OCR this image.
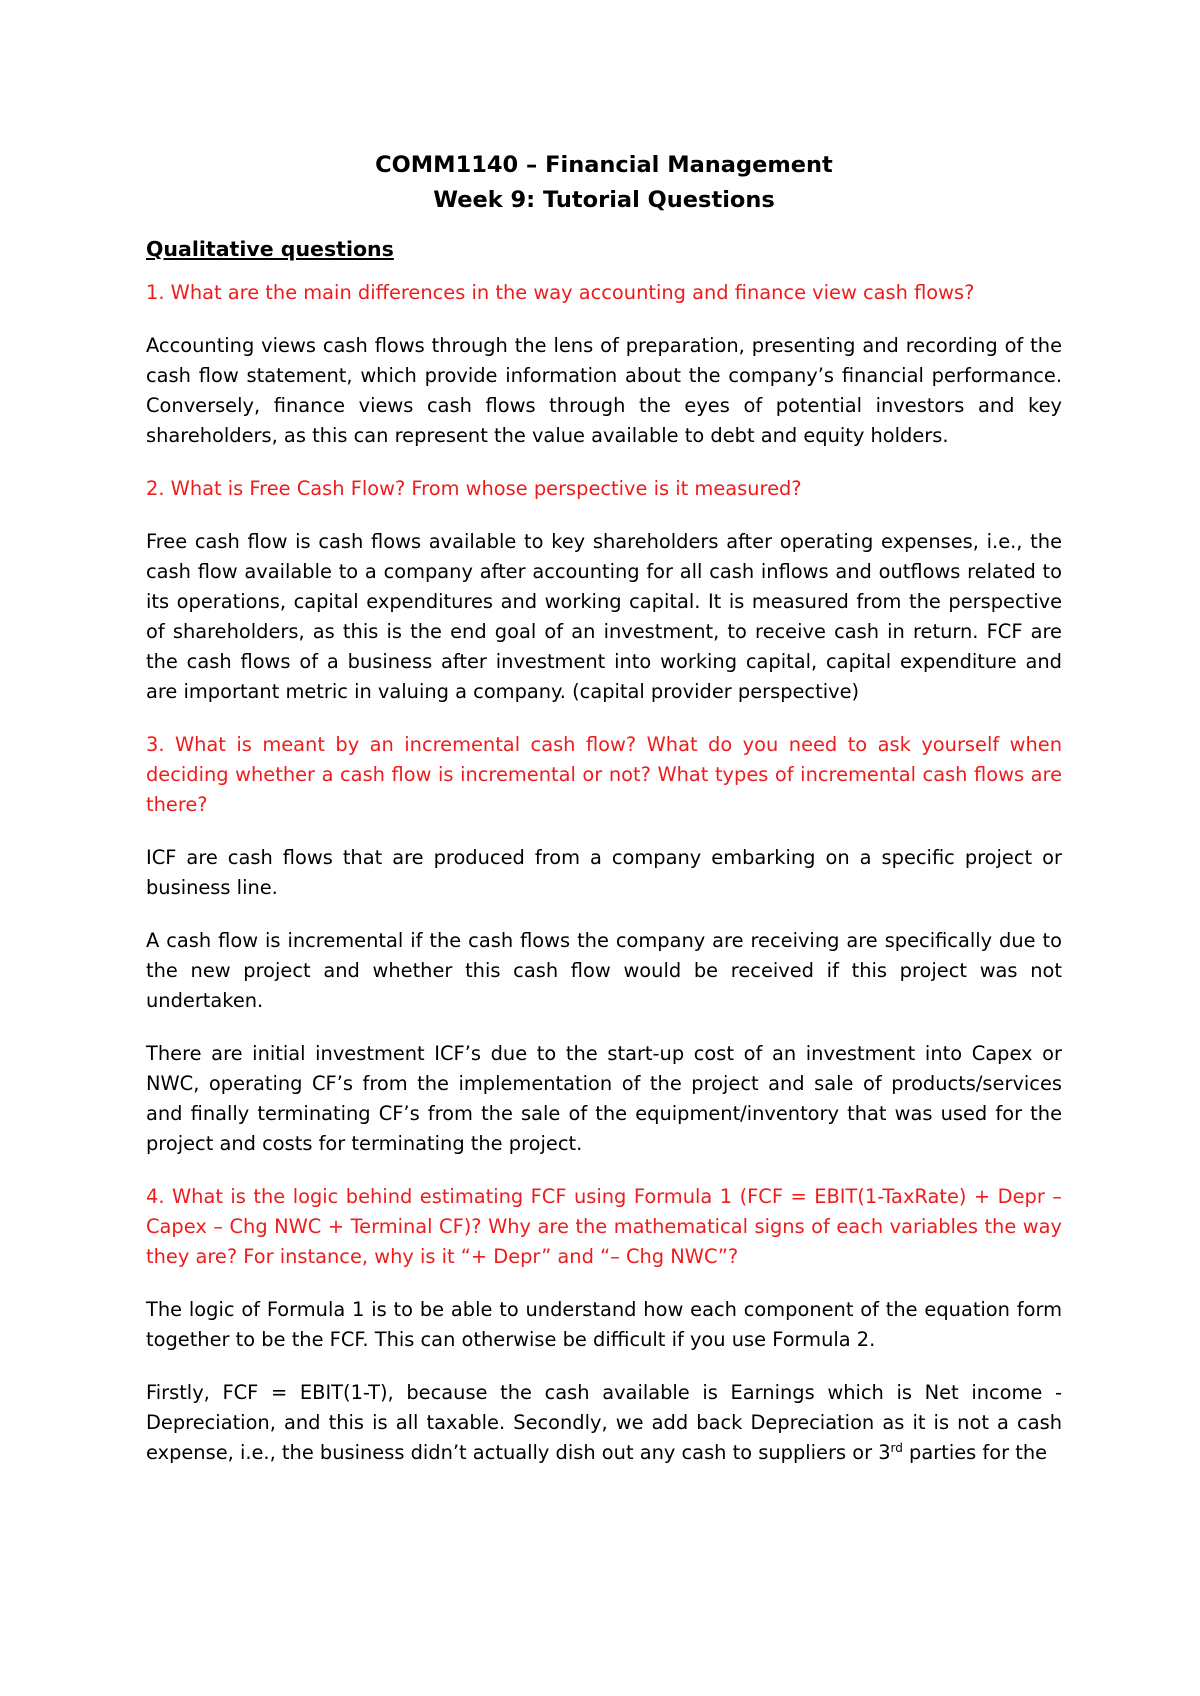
COMM1140 – Financial Management
Week 9: Tutorial Questions
Qualitative questions

1. What are the main differences in the way accounting and finance view cash flows?

Accounting views cash flows through the lens of preparation, presenting and recording of the cash flow statement, which provide information about the company’s financial performance. Conversely, finance views cash flows through the eyes of potential investors and key shareholders, as this can represent the value available to debt and equity holders.

2. What is Free Cash Flow? From whose perspective is it measured?

Free cash flow is cash flows available to key shareholders after operating expenses, i.e., the cash flow available to a company after accounting for all cash inflows and outflows related to its operations, capital expenditures and working capital. It is measured from the perspective of shareholders, as this is the end goal of an investment, to receive cash in return. FCF are the cash flows of a business after investment into working capital, capital expenditure and are important metric in valuing a company. (capital provider perspective)

3. What is meant by an incremental cash flow? What do you need to ask yourself when deciding whether a cash flow is incremental or not? What types of incremental cash flows are there?

ICF are cash flows that are produced from a company embarking on a specific project or business line.

A cash flow is incremental if the cash flows the company are receiving are specifically due to the new project and whether this cash flow would be received if this project was not undertaken.

There are initial investment ICF’s due to the start-up cost of an investment into Capex or NWC, operating CF’s from the implementation of the project and sale of products/services and finally terminating CF’s from the sale of the equipment/inventory that was used for the project and costs for terminating the project.

4. What is the logic behind estimating FCF using Formula 1 (FCF = EBIT(1-TaxRate) + Depr – Capex – Chg NWC + Terminal CF)? Why are the mathematical signs of each variables the way they are? For instance, why is it “+ Depr” and “– Chg NWC”?

The logic of Formula 1 is to be able to understand how each component of the equation form together to be the FCF. This can otherwise be difficult if you use Formula 2.

Firstly, FCF = EBIT(1-T), because the cash available is Earnings which is Net income - Depreciation, and this is all taxable. Secondly, we add back Depreciation as it is not a cash expense, i.e., the business didn’t actually dish out any cash to suppliers or 3rd parties for the
